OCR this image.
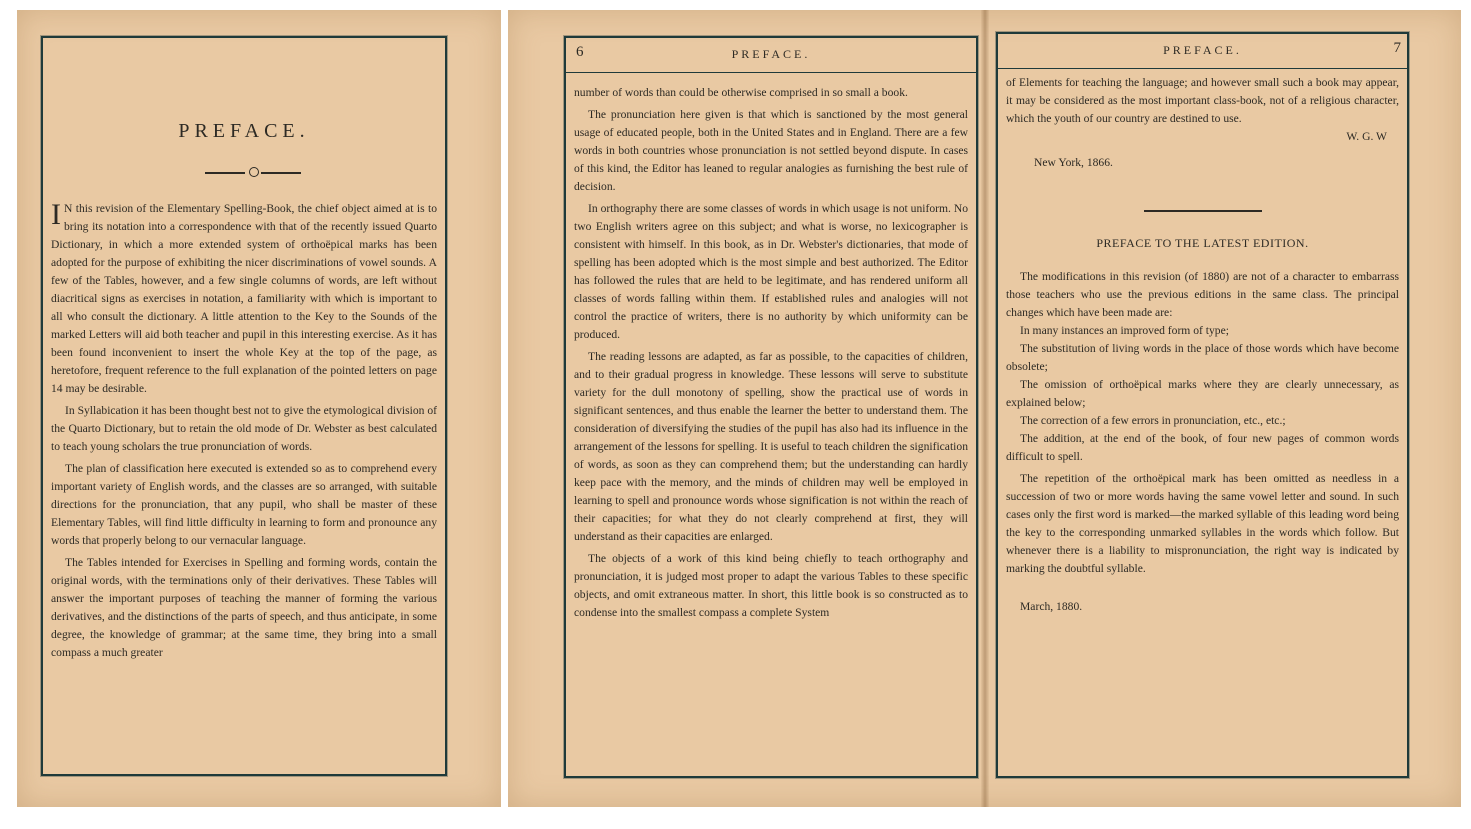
PREFACE.

I N this revision of the Elementary Spelling-Book, the chief object aimed at is to bring its notation into a correspondence with that of the recently issued Quarto Dictionary, in which a more extended system of orthoëpical marks has been adopted for the purpose of exhibiting the nicer discriminations of vowel sounds. A few of the Tables, however, and a few single columns of words, are left without diacritical signs as exercises in notation, a familiarity with which is important to all who consult the dictionary. A little attention to the Key to the Sounds of the marked Letters will aid both teacher and pupil in this interesting exercise. As it has been found inconvenient to insert the whole Key at the top of the page, as heretofore, frequent reference to the full explanation of the pointed letters on page 14 may be desirable.

In Syllabication it has been thought best not to give the etymological division of the Quarto Dictionary, but to retain the old mode of Dr. Webster as best calculated to teach young scholars the true pronunciation of words.

The plan of classification here executed is extended so as to comprehend every important variety of English words, and the classes are so arranged, with suitable directions for the pronunciation, that any pupil, who shall be master of these Elementary Tables, will find little difficulty in learning to form and pronounce any words that properly belong to our vernacular language.

The Tables intended for Exercises in Spelling and forming words, contain the original words, with the terminations only of their derivatives. These Tables will answer the important purposes of teaching the manner of forming the various derivatives, and the distinctions of the parts of speech, and thus anticipate, in some degree, the knowledge of grammar; at the same time, they bring into a small compass a much greater

6	PREFACE.

number of words than could be otherwise comprised in so small a book.

The pronunciation here given is that which is sanctioned by the most general usage of educated people, both in the United States and in England. There are a few words in both countries whose pronunciation is not settled beyond dispute. In cases of this kind, the Editor has leaned to regular analogies as furnishing the best rule of decision.

In orthography there are some classes of words in which usage is not uniform. No two English writers agree on this subject; and what is worse, no lexicographer is consistent with himself. In this book, as in Dr. Webster's dictionaries, that mode of spelling has been adopted which is the most simple and best authorized. The Editor has followed the rules that are held to be legitimate, and has rendered uniform all classes of words falling within them. If established rules and analogies will not control the practice of writers, there is no authority by which uniformity can be produced.

The reading lessons are adapted, as far as possible, to the capacities of children, and to their gradual progress in knowledge. These lessons will serve to substitute variety for the dull monotony of spelling, show the practical use of words in significant sentences, and thus enable the learner the better to understand them. The consideration of diversifying the studies of the pupil has also had its influence in the arrangement of the lessons for spelling. It is useful to teach children the signification of words, as soon as they can comprehend them; but the understanding can hardly keep pace with the memory, and the minds of children may well be employed in learning to spell and pronounce words whose signification is not within the reach of their capacities; for what they do not clearly comprehend at first, they will understand as their capacities are enlarged.

The objects of a work of this kind being chiefly to teach orthography and pronunciation, it is judged most proper to adapt the various Tables to these specific objects, and omit extraneous matter. In short, this little book is so constructed as to condense into the smallest compass a complete System

PREFACE.	7

of Elements for teaching the language; and however small such a book may appear, it may be considered as the most important class-book, not of a religious character, which the youth of our country are destined to use.

W. G. W

New York, 1866.

PREFACE TO THE LATEST EDITION.

The modifications in this revision (of 1880) are not of a character to embarrass those teachers who use the previous editions in the same class. The principal changes which have been made are:

In many instances an improved form of type;

The substitution of living words in the place of those words which have become obsolete;

The omission of orthoëpical marks where they are clearly unnecessary, as explained below;

The correction of a few errors in pronunciation, etc., etc.;

The addition, at the end of the book, of four new pages of common words difficult to spell.

The repetition of the orthoëpical mark has been omitted as needless in a succession of two or more words having the same vowel letter and sound. In such cases only the first word is marked—the marked syllable of this leading word being the key to the corresponding unmarked syllables in the words which follow. But whenever there is a liability to mispronunciation, the right way is indicated by marking the doubtful syllable.

March, 1880.
